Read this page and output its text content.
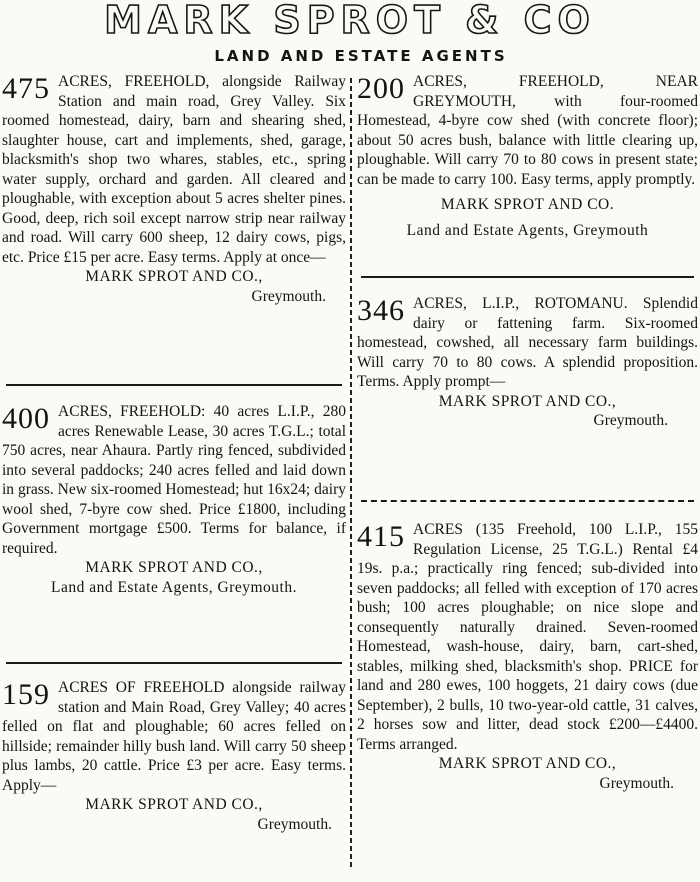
MARK SPROT & CO
LAND AND ESTATE AGENTS

475 ACRES, FREEHOLD, alongside Railway Station and main road, Grey Valley. Six roomed homestead, dairy, barn and shearing shed, slaughter house, cart and implements, shed, garage, blacksmith's shop two whares, stables, etc., spring water supply, orchard and garden. All cleared and ploughable, with exception about 5 acres shelter pines. Good, deep, rich soil except narrow strip near railway and road. Will carry 600 sheep, 12 dairy cows, pigs, etc. Price £15 per acre. Easy terms. Apply at once—

MARK SPROT AND CO.,
Greymouth.

400 ACRES, FREEHOLD: 40 acres L.I.P., 280 acres Renewable Lease, 30 acres T.G.L.; total 750 acres, near Ahaura. Partly ring fenced, subdivided into several paddocks; 240 acres felled and laid down in grass. New six-roomed Homestead; hut 16x24; dairy wool shed, 7-byre cow shed. Price £1800, including Government mortgage £500. Terms for balance, if required.

MARK SPROT AND CO.,
Land and Estate Agents, Greymouth.

159 ACRES OF FREEHOLD alongside railway station and Main Road, Grey Valley; 40 acres felled on flat and ploughable; 60 acres felled on hillside; remainder hilly bush land. Will carry 50 sheep plus lambs, 20 cattle. Price £3 per acre. Easy terms. Apply—

MARK SPROT AND CO.,
Greymouth.

200 ACRES, FREEHOLD, NEAR GREYMOUTH, with four-roomed Homestead, 4-byre cow shed (with concrete floor); about 50 acres bush, balance with little clearing up, ploughable. Will carry 70 to 80 cows in present state; can be made to carry 100. Easy terms, apply promptly.

MARK SPROT AND CO.
Land and Estate Agents, Greymouth

346 ACRES, L.I.P., ROTOMANU. Splendid dairy or fattening farm. Six-roomed homestead, cowshed, all necessary farm buildings. Will carry 70 to 80 cows. A splendid proposition. Terms. Apply prompt—

MARK SPROT AND CO.,
Greymouth.

415 ACRES (135 Freehold, 100 L.I.P., 155 Regulation License, 25 T.G.L.) Rental £4 19s. p.a.; practically ring fenced; sub-divided into seven paddocks; all felled with exception of 170 acres bush; 100 acres ploughable; on nice slope and consequently naturally drained. Seven-roomed Homestead, wash-house, dairy, barn, cart-shed, stables, milking shed, blacksmith's shop. PRICE for land and 280 ewes, 100 hoggets, 21 dairy cows (due September), 2 bulls, 10 two-year-old cattle, 31 calves, 2 horses sow and litter, dead stock £200—£4400. Terms arranged.

MARK SPROT AND CO.,
Greymouth.
